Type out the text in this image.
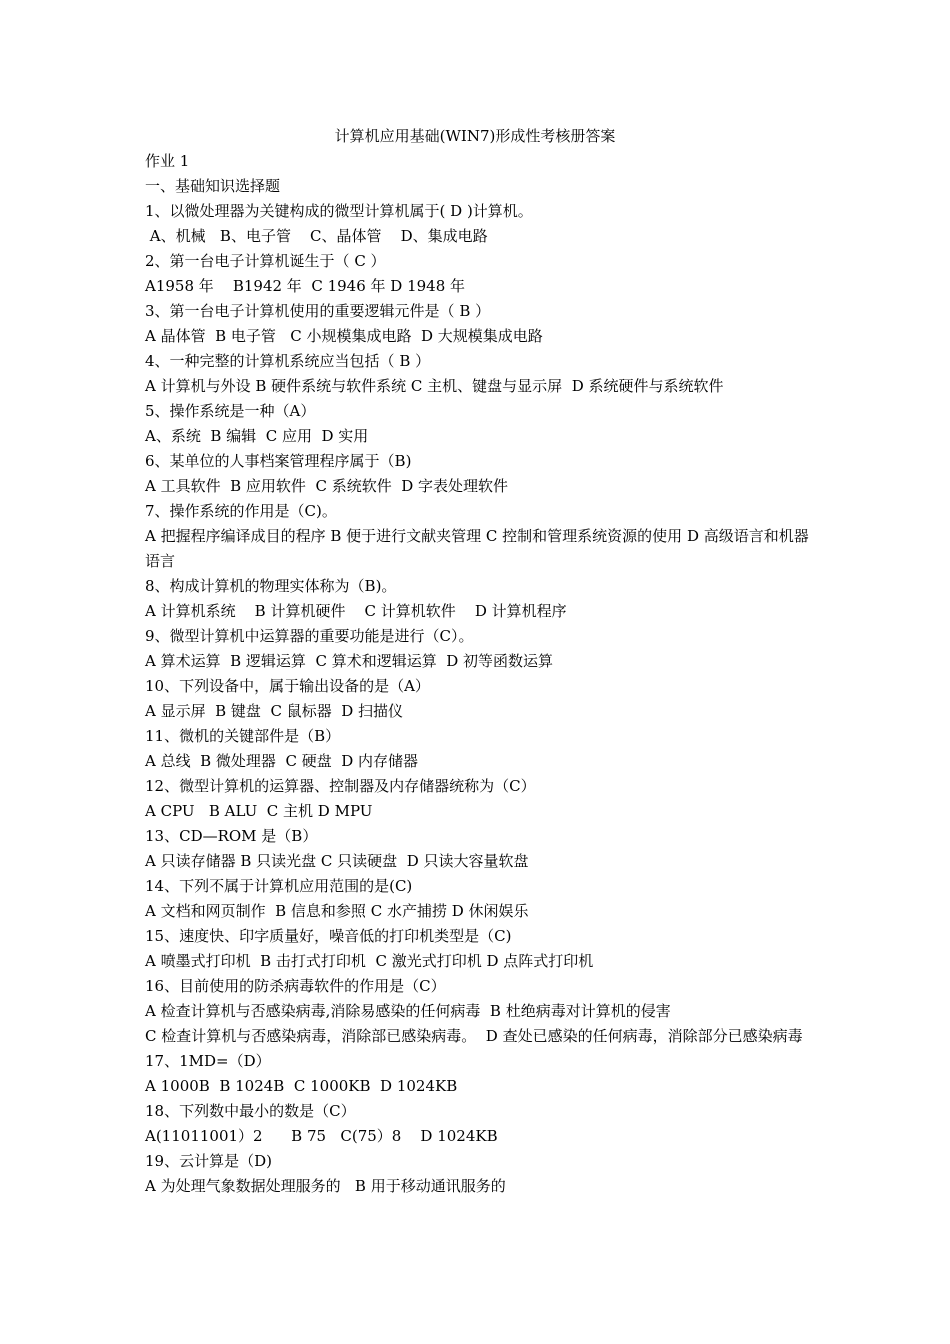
计算机应用基础(WIN7)形成性考核册答案
作业 1
一、基础知识选择题
1、以微处理器为关键构成的微型计算机属于( D )计算机。
A、机械   B、电子管    C、晶体管    D、集成电路
2、第一台电子计算机诞生于（ C ）
A1958 年    B1942 年  C 1946 年 D 1948 年
3、第一台电子计算机使用的重要逻辑元件是（ B ）
A 晶体管  B 电子管   C 小规模集成电路  D 大规模集成电路
4、一种完整的计算机系统应当包括（ B ）
A 计算机与外设 B 硬件系统与软件系统 C 主机、键盘与显示屏  D 系统硬件与系统软件
5、操作系统是一种（A）
A、系统  B 编辑  C 应用  D 实用
6、某单位的人事档案管理程序属于（B)
A 工具软件  B 应用软件  C 系统软件  D 字表处理软件
7、操作系统的作用是（C)。
A 把握程序编译成目的程序 B 便于进行文献夹管理 C 控制和管理系统资源的使用 D 高级语言和机器语言
8、构成计算机的物理实体称为（B)。
A 计算机系统    B 计算机硬件    C 计算机软件    D 计算机程序
9、微型计算机中运算器的重要功能是进行（C）。
A 算术运算  B 逻辑运算  C 算术和逻辑运算  D 初等函数运算
10、下列设备中，属于输出设备的是（A）
A 显示屏  B 键盘  C 鼠标器  D 扫描仪
11、微机的关键部件是（B）
A 总线  B 微处理器  C 硬盘  D 内存储器
12、微型计算机的运算器、控制器及内存储器统称为（C）
A CPU   B ALU  C 主机 D MPU
13、CD—ROM 是（B）
A 只读存储器 B 只读光盘 C 只读硬盘  D 只读大容量软盘
14、下列不属于计算机应用范围的是(C)
A 文档和网页制作  B 信息和参照 C 水产捕捞 D 休闲娱乐
15、速度快、印字质量好，噪音低的打印机类型是（C)
A 喷墨式打印机  B 击打式打印机  C 激光式打印机 D 点阵式打印机
16、目前使用的防杀病毒软件的作用是（C）
A 检查计算机与否感染病毒,消除易感染的任何病毒  B 杜绝病毒对计算机的侵害
C 检查计算机与否感染病毒，消除部已感染病毒。  D 查处已感染的任何病毒，消除部分已感染病毒
17、1MD=（D）
A 1000B  B 1024B  C 1000KB  D 1024KB
18、下列数中最小的数是（C）
A(11011001）2      B 75   C(75）8    D 1024KB
19、云计算是（D)
A 为处理气象数据处理服务的   B 用于移动通讯服务的
